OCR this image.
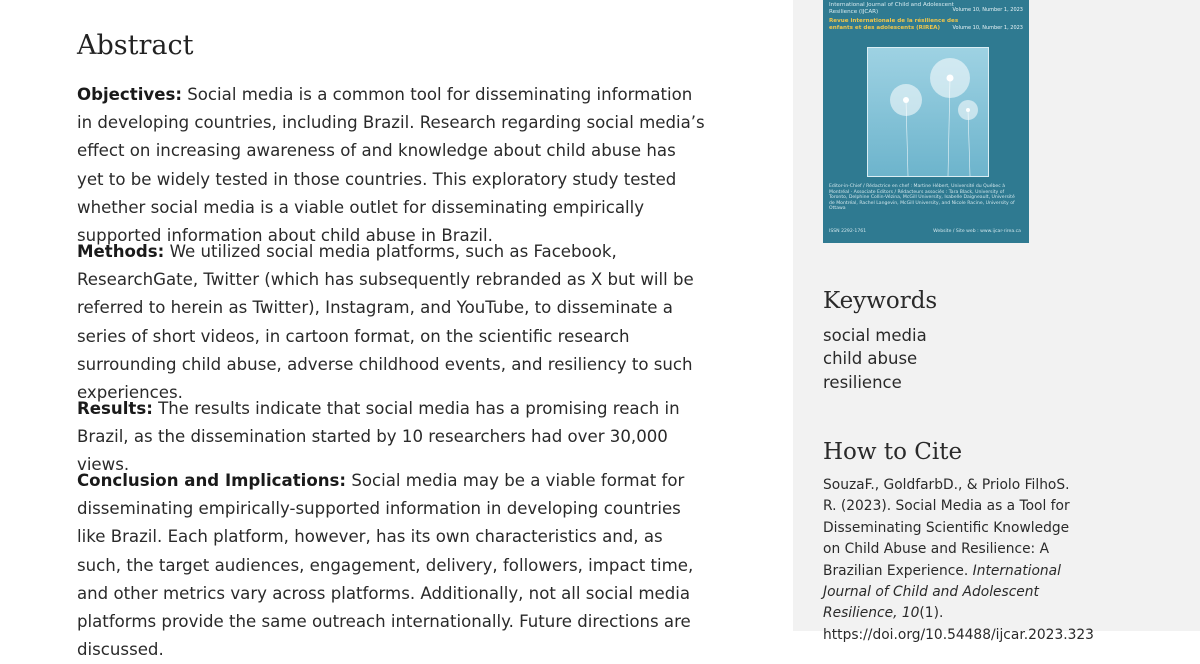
Abstract

Objectives: Social media is a common tool for disseminating information in developing countries, including Brazil. Research regarding social media’s effect on increasing awareness of and knowledge about child abuse has yet to be widely tested in those countries. This exploratory study tested whether social media is a viable outlet for disseminating empirically supported information about child abuse in Brazil.

Methods: We utilized social media platforms, such as Facebook, ResearchGate, Twitter (which has subsequently rebranded as X but will be referred to herein as Twitter), Instagram, and YouTube, to disseminate a series of short videos, in cartoon format, on the scientific research surrounding child abuse, adverse childhood events, and resiliency to such experiences.

Results: The results indicate that social media has a promising reach in Brazil, as the dissemination started by 10 researchers had over 30,000 views.

Conclusion and Implications: Social media may be a viable format for disseminating empirically-supported information in developing countries like Brazil. Each platform, however, has its own characteristics and, as such, the target audiences, engagement, delivery, followers, impact time, and other metrics vary across platforms. Additionally, not all social media platforms provide the same outreach internationally. Future directions are discussed.

International Journal of Child and Adolescent Resilience (IJCAR)
Revue internationale de la résilience des enfants et des adolescents (RIREA)
Volume 10, Number 1, 2023
Volume 10, Number 1, 2023
Editor-in-Chief / Rédactrice en chef : Martine Hébert, Université du Québec à Montréal · Associate Editors / Rédacteurs associés : Tara Black, University of Toronto, Delphine Collin-Vézina, McGill University, Isabelle Daigneault, Université de Montréal, Rachel Langevin, McGill University, and Nicole Racine, University of Ottawa
ISSN 2292-1761	Website / Site web : www.ijcar-rirea.ca
Keywords
social media
child abuse
resilience
How to Cite
SouzaF., GoldfarbD., & Priolo FilhoS. R. (2023). Social Media as a Tool for Disseminating Scientific Knowledge on Child Abuse and Resilience: A Brazilian Experience. International Journal of Child and Adolescent Resilience, 10(1). https://doi.org/10.54488/ijcar.2023.323
